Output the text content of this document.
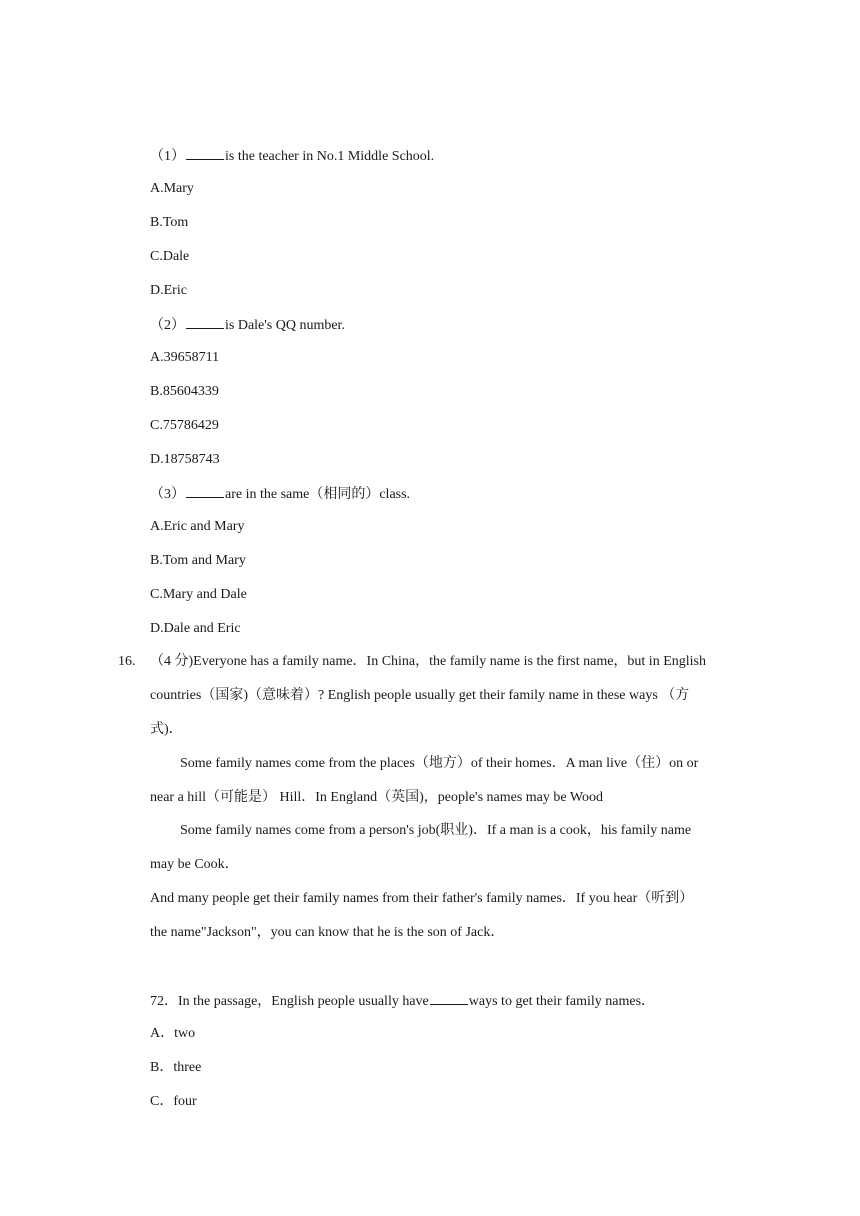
（1）	is the teacher in No.1 Middle School.
A.Mary
B.Tom
C.Dale
D.Eric
（2）	is Dale's QQ number.
A.39658711
B.85604339
C.75786429
D.18758743
（3）	are in the same（相同的）class.
A.Eric and Mary
B.Tom and Mary
C.Mary and Dale
D.Dale and Eric
16. （4 分)Everyone has a family name．In China，the family name is the first name，but in English
countries（国家)（意味着）? English people usually get their family name in these ways （方
式)．
Some family names come from the places（地方）of their homes．A man live（住）on or
near a hill（可能是） Hill．In England（英国)，people's names may be Wood
Some family names come from a person's job(职业)．If a man is a cook，his family name
may be Cook．
And many people get their family names from their father's family names．If you hear（听到）
the name"Jackson"，you can know that he is the son of Jack．
72．In the passage，English people usually have	ways to get their family names．
A．two
B．three
C．four
